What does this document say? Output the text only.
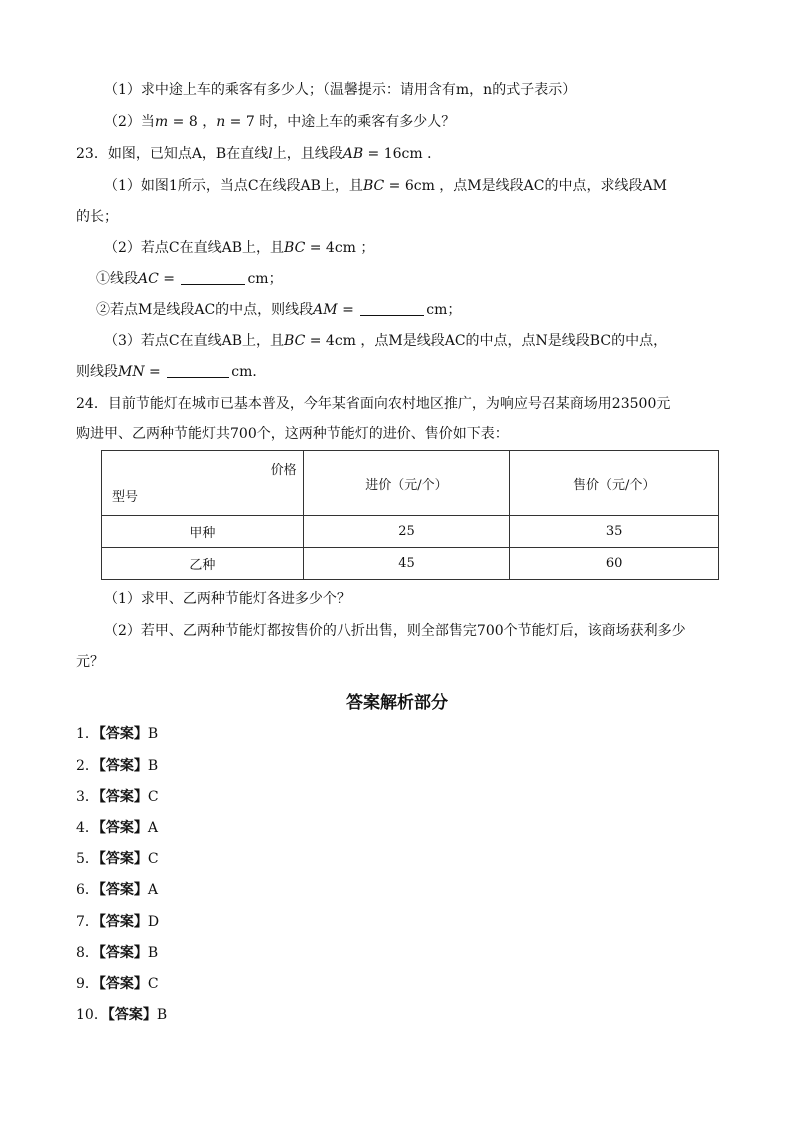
（1）求中途上车的乘客有多少人；（温馨提示：请用含有m，n的式子表示）
（2）当m = 8 ，n = 7 时，中途上车的乘客有多少人？
23．如图，已知点A，B在直线l上，且线段AB = 16cm ．
（1）如图1所示，当点C在线段AB上，且BC = 6cm ，点M是线段AC的中点，求线段AM
的长；
（2）若点C在直线AB上，且BC = 4cm ；
①线段AC =	cm；
②若点M是线段AC的中点，则线段AM =	cm；
（3）若点C在直线AB上，且BC = 4cm ，点M是线段AC的中点，点N是线段BC的中点，
则线段MN =	cm．
24．目前节能灯在城市已基本普及，今年某省面向农村地区推广，为响应号召某商场用23500元
购进甲、乙两种节能灯共700个，这两种节能灯的进价、售价如下表：
价格
型号	进价（元/个）	售价（元/个）
甲种	25	35
乙种	45	60
（1）求甲、乙两种节能灯各进多少个？
（2）若甲、乙两种节能灯都按售价的八折出售，则全部售完700个节能灯后，该商场获利多少
元？
答案解析部分
1．【答案】B
2．【答案】B
3．【答案】C
4．【答案】A
5．【答案】C
6．【答案】A
7．【答案】D
8．【答案】B
9．【答案】C
10．【答案】B
